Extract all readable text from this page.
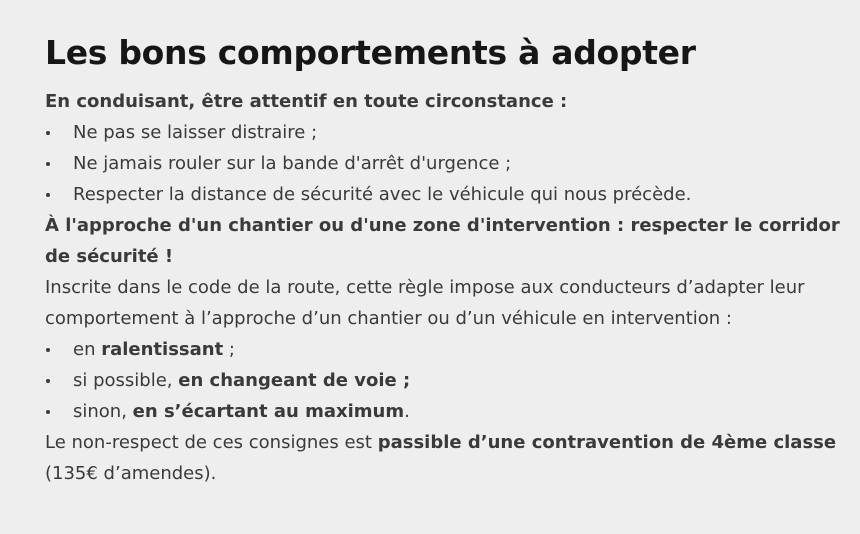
Les bons comportements à adopter

En conduisant, être attentif en toute circonstance :

Ne pas se laisser distraire ;
Ne jamais rouler sur la bande d'arrêt d'urgence ;
Respecter la distance de sécurité avec le véhicule qui nous précède.

À l'approche d'un chantier ou d'une zone d'intervention : respecter le corridor de sécurité !

Inscrite dans le code de la route, cette règle impose aux conducteurs d’adapter leur comportement à l’approche d’un chantier ou d’un véhicule en intervention :

en ralentissant ;
si possible, en changeant de voie ;
sinon, en s’écartant au maximum.

Le non-respect de ces consignes est passible d’une contravention de 4ème classe (135€ d’amendes).
